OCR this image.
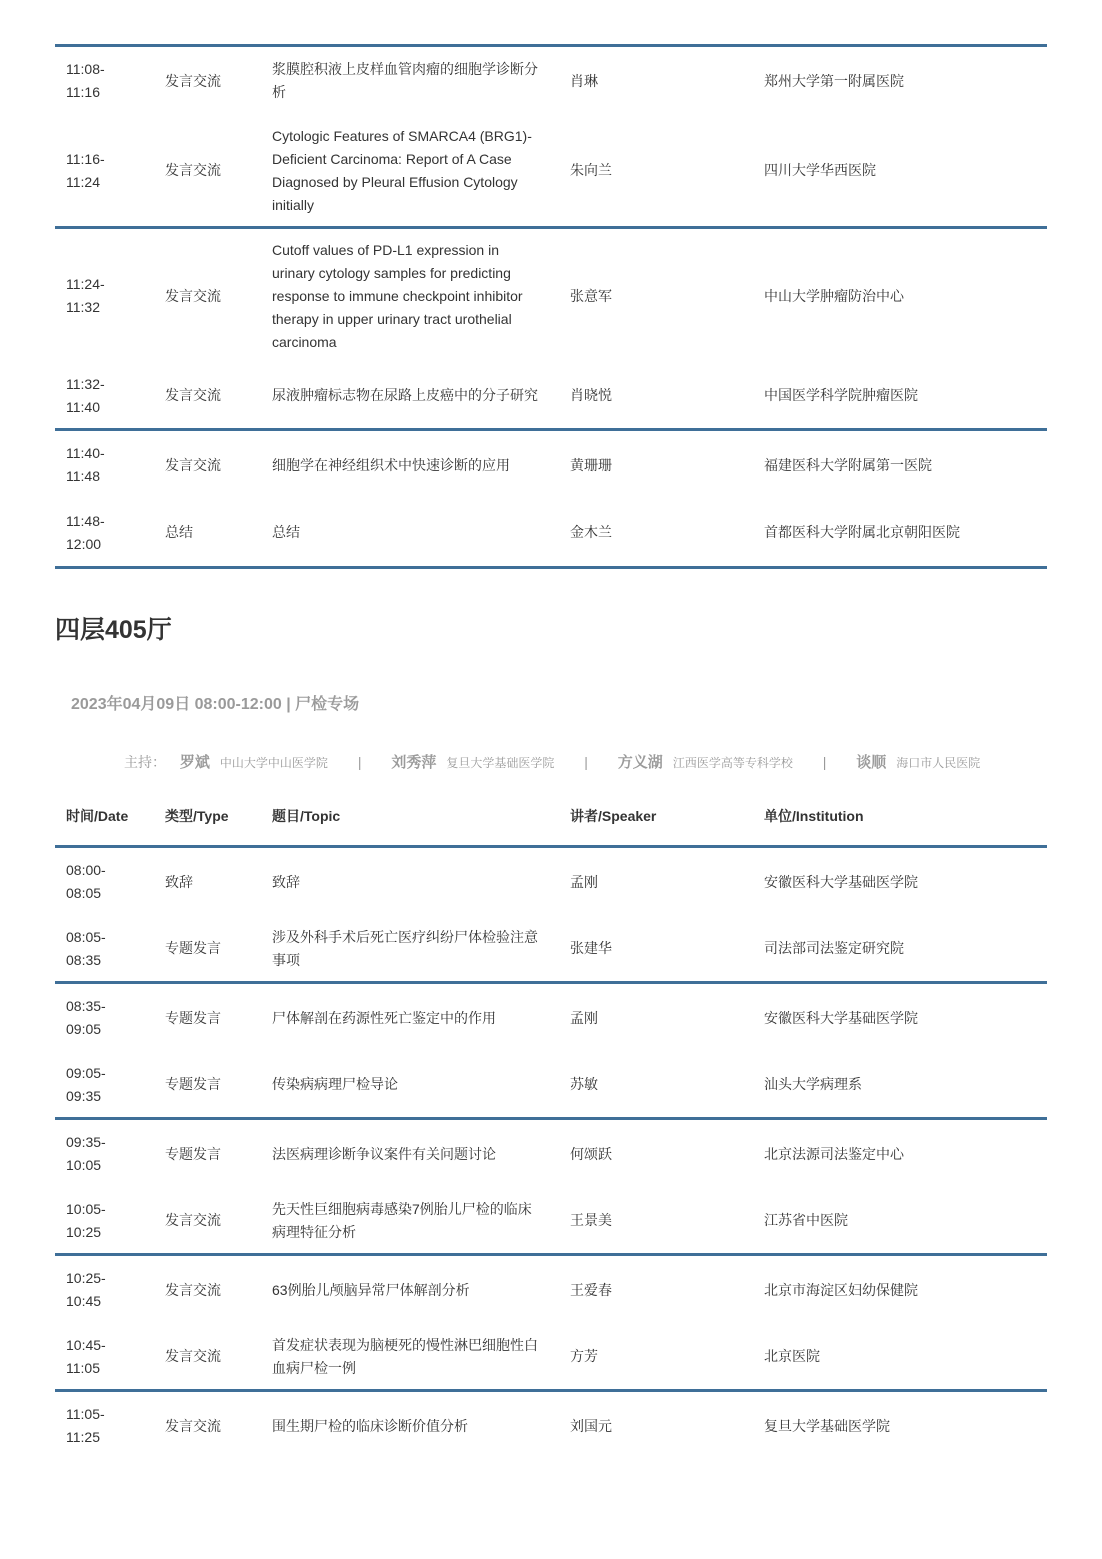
11:08-
11:16	发言交流	浆膜腔积液上皮样血管肉瘤的细胞学诊断分析	肖琳	郑州大学第一附属医院
11:16-
11:24	发言交流	Cytologic Features of SMARCA4 (BRG1)-Deficient Carcinoma: Report of A Case Diagnosed by Pleural Effusion Cytology initially	朱向兰	四川大学华西医院
11:24-
11:32	发言交流	Cutoff values of PD-L1 expression in urinary cytology samples for predicting response to immune checkpoint inhibitor therapy in upper urinary tract urothelial carcinoma	张意军	中山大学肿瘤防治中心
11:32-
11:40	发言交流	尿液肿瘤标志物在尿路上皮癌中的分子研究	肖晓悦	中国医学科学院肿瘤医院
11:40-
11:48	发言交流	细胞学在神经组织术中快速诊断的应用	黄珊珊	福建医科大学附属第一医院
11:48-
12:00	总结	总结	金木兰	首都医科大学附属北京朝阳医院
四层405厅
2023年04月09日 08:00-12:00 | 尸检专场
主持： 罗斌 中山大学中山医学院 | 刘秀萍 复旦大学基础医学院 | 方义湖 江西医学高等专科学校 | 谈顺 海口市人民医院
时间/Date	类型/Type	题目/Topic	讲者/Speaker	单位/Institution
08:00-
08:05	致辞	致辞	孟刚	安徽医科大学基础医学院
08:05-
08:35	专题发言	涉及外科手术后死亡医疗纠纷尸体检验注意事项	张建华	司法部司法鉴定研究院
08:35-
09:05	专题发言	尸体解剖在药源性死亡鉴定中的作用	孟刚	安徽医科大学基础医学院
09:05-
09:35	专题发言	传染病病理尸检导论	苏敏	汕头大学病理系
09:35-
10:05	专题发言	法医病理诊断争议案件有关问题讨论	何颂跃	北京法源司法鉴定中心
10:05-
10:25	发言交流	先天性巨细胞病毒感染7例胎儿尸检的临床病理特征分析	王景美	江苏省中医院
10:25-
10:45	发言交流	63例胎儿颅脑异常尸体解剖分析	王爱春	北京市海淀区妇幼保健院
10:45-
11:05	发言交流	首发症状表现为脑梗死的慢性淋巴细胞性白血病尸检一例	方芳	北京医院
11:05-
11:25	发言交流	围生期尸检的临床诊断价值分析	刘国元	复旦大学基础医学院
